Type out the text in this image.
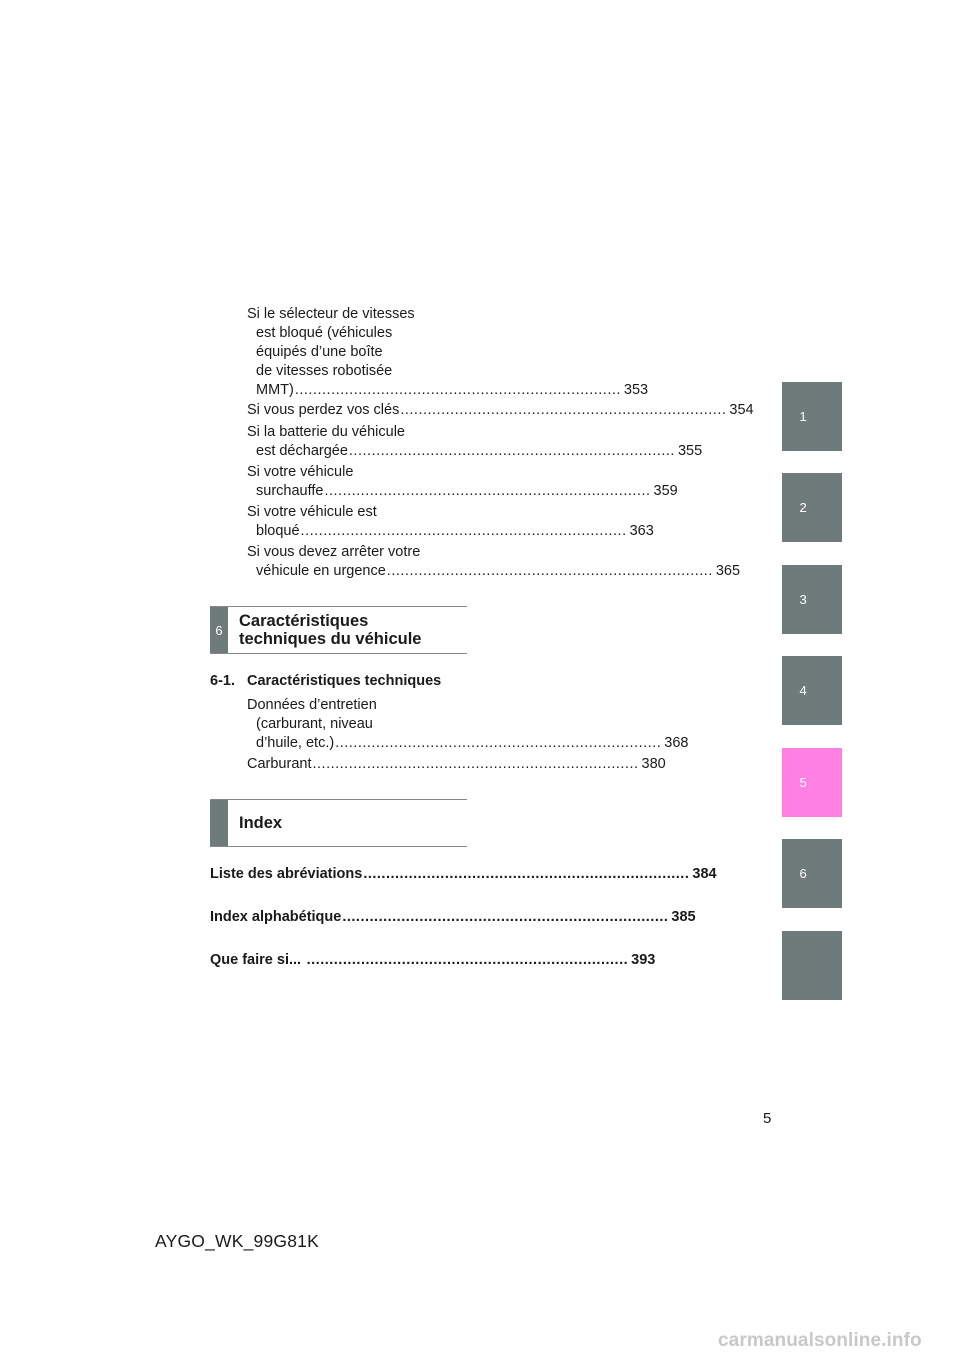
Si le sélecteur de vitesses
est bloqué (véhicules
équipés d’une boîte
de vitesses robotisée
MMT) ........................................................................ 353
Si vous perdez vos clés ........................................................................ 354
Si la batterie du véhicule
est déchargée ........................................................................ 355
Si votre véhicule
surchauffe ........................................................................ 359
Si votre véhicule est
bloqué ........................................................................ 363
Si vous devez arrêter votre
véhicule en urgence ........................................................................ 365
6 Caractéristiques
techniques du véhicule
6-1. Caractéristiques techniques
Données d’entretien
(carburant, niveau
d’huile, etc.) ........................................................................ 368
Carburant ........................................................................ 380
Index
Liste des abréviations ........................................................................ 384
Index alphabétique ........................................................................ 385
Que faire si... ....................................................................... 393
1
2
3
4
5
6
5
AYGO_WK_99G81K
carmanualsonline.info
